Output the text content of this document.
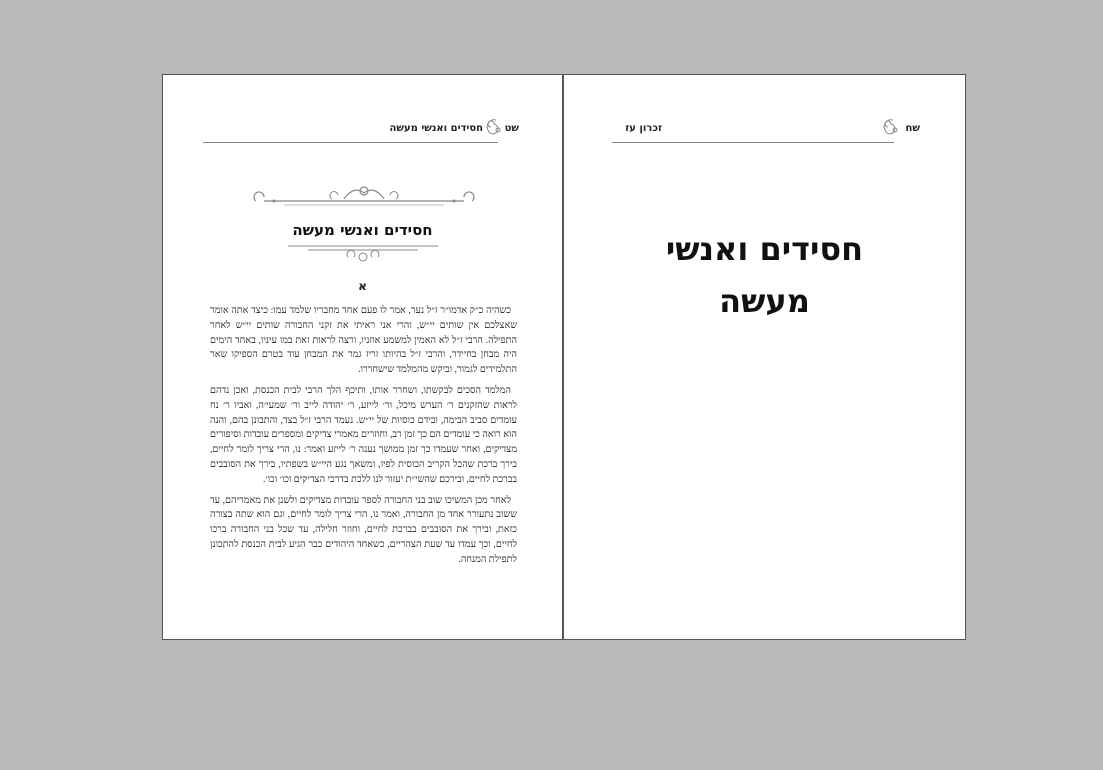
שט
חסידים ואנשי מעשה
חסידים ואנשי מעשה
א

כשהיה כ״ק אדמו״ר ז״ל נער, אמר לו פעם אחד מחבריו שלמד עמו: כיצד אתה אומר שאצלכם אין שותים יי״ש, והרי אני ראיתי את זקני החבורה שותים יי״ש לאחר התפילה. הרבי ז״ל לא האמין למשמע אוזניו, ורצה לראות זאת במו עיניו, באחד הימים היה מבחן בחיידר, והרבי ז״ל בהיותו זריז גמר את המבחן עוד בטרם הספיקו שאר התלמידים לגמור, וביקש מהמלמד שישחררו.

המלמד הסכים לבקשתו, ושחרר אותו, ותיכף הלך הרבי לבית הכנסת, ואכן נדהם לראות שהזקנים ר׳ הערש מיכל, ור׳ לייזע, ר׳ יהודה לייב ור׳ שמעי׳ה, ואביו ר׳ נח עומדים סביב הבימה, ובידם כוסיות של יי״ש. נעמד הרבי ז״ל בצד, והתבונן בהם, והנה הוא רואה כי עומדים הם כך זמן רב, וחוזרים מאמרי צדיקים ומספרים עובדות וסיפורים מצדיקים, ואחר שעמדו כך זמן ממושך נענה ר׳ לייזע ואמר: נו, הרי צריך לומר לחיים, בירך ברכת שהכל הקריב הכוסית לפיו, ומשאך נגע היי״ש בשפתיו, בירך את הסובבים בברכת לחיים, ובירכם שהשי״ת יעזור לנו ללכת בדרכי הצדיקים וכו׳ וכו׳.

לאחר מכן המשיכו שוב בני החבורה לספר עובדות מצדיקים ולשנן את מאמריהם, עד ששוב נתעורר אחד מן החבורה, ואמר נו, הרי צריך לומר לחיים, וגם הוא שתה בצורה כזאת, ובירך את הסובבים בברכת לחיים, וחוזר חלילה, עד שכל בני החבורה ברכו לחיים, וכך עמדו עד שעת הצהריים, כשאחד היהודים כבר הגיע לבית הכנסת להתכונן לתפילת המנחה.

שח
זכרון עז
חסידים ואנשי
מעשה
